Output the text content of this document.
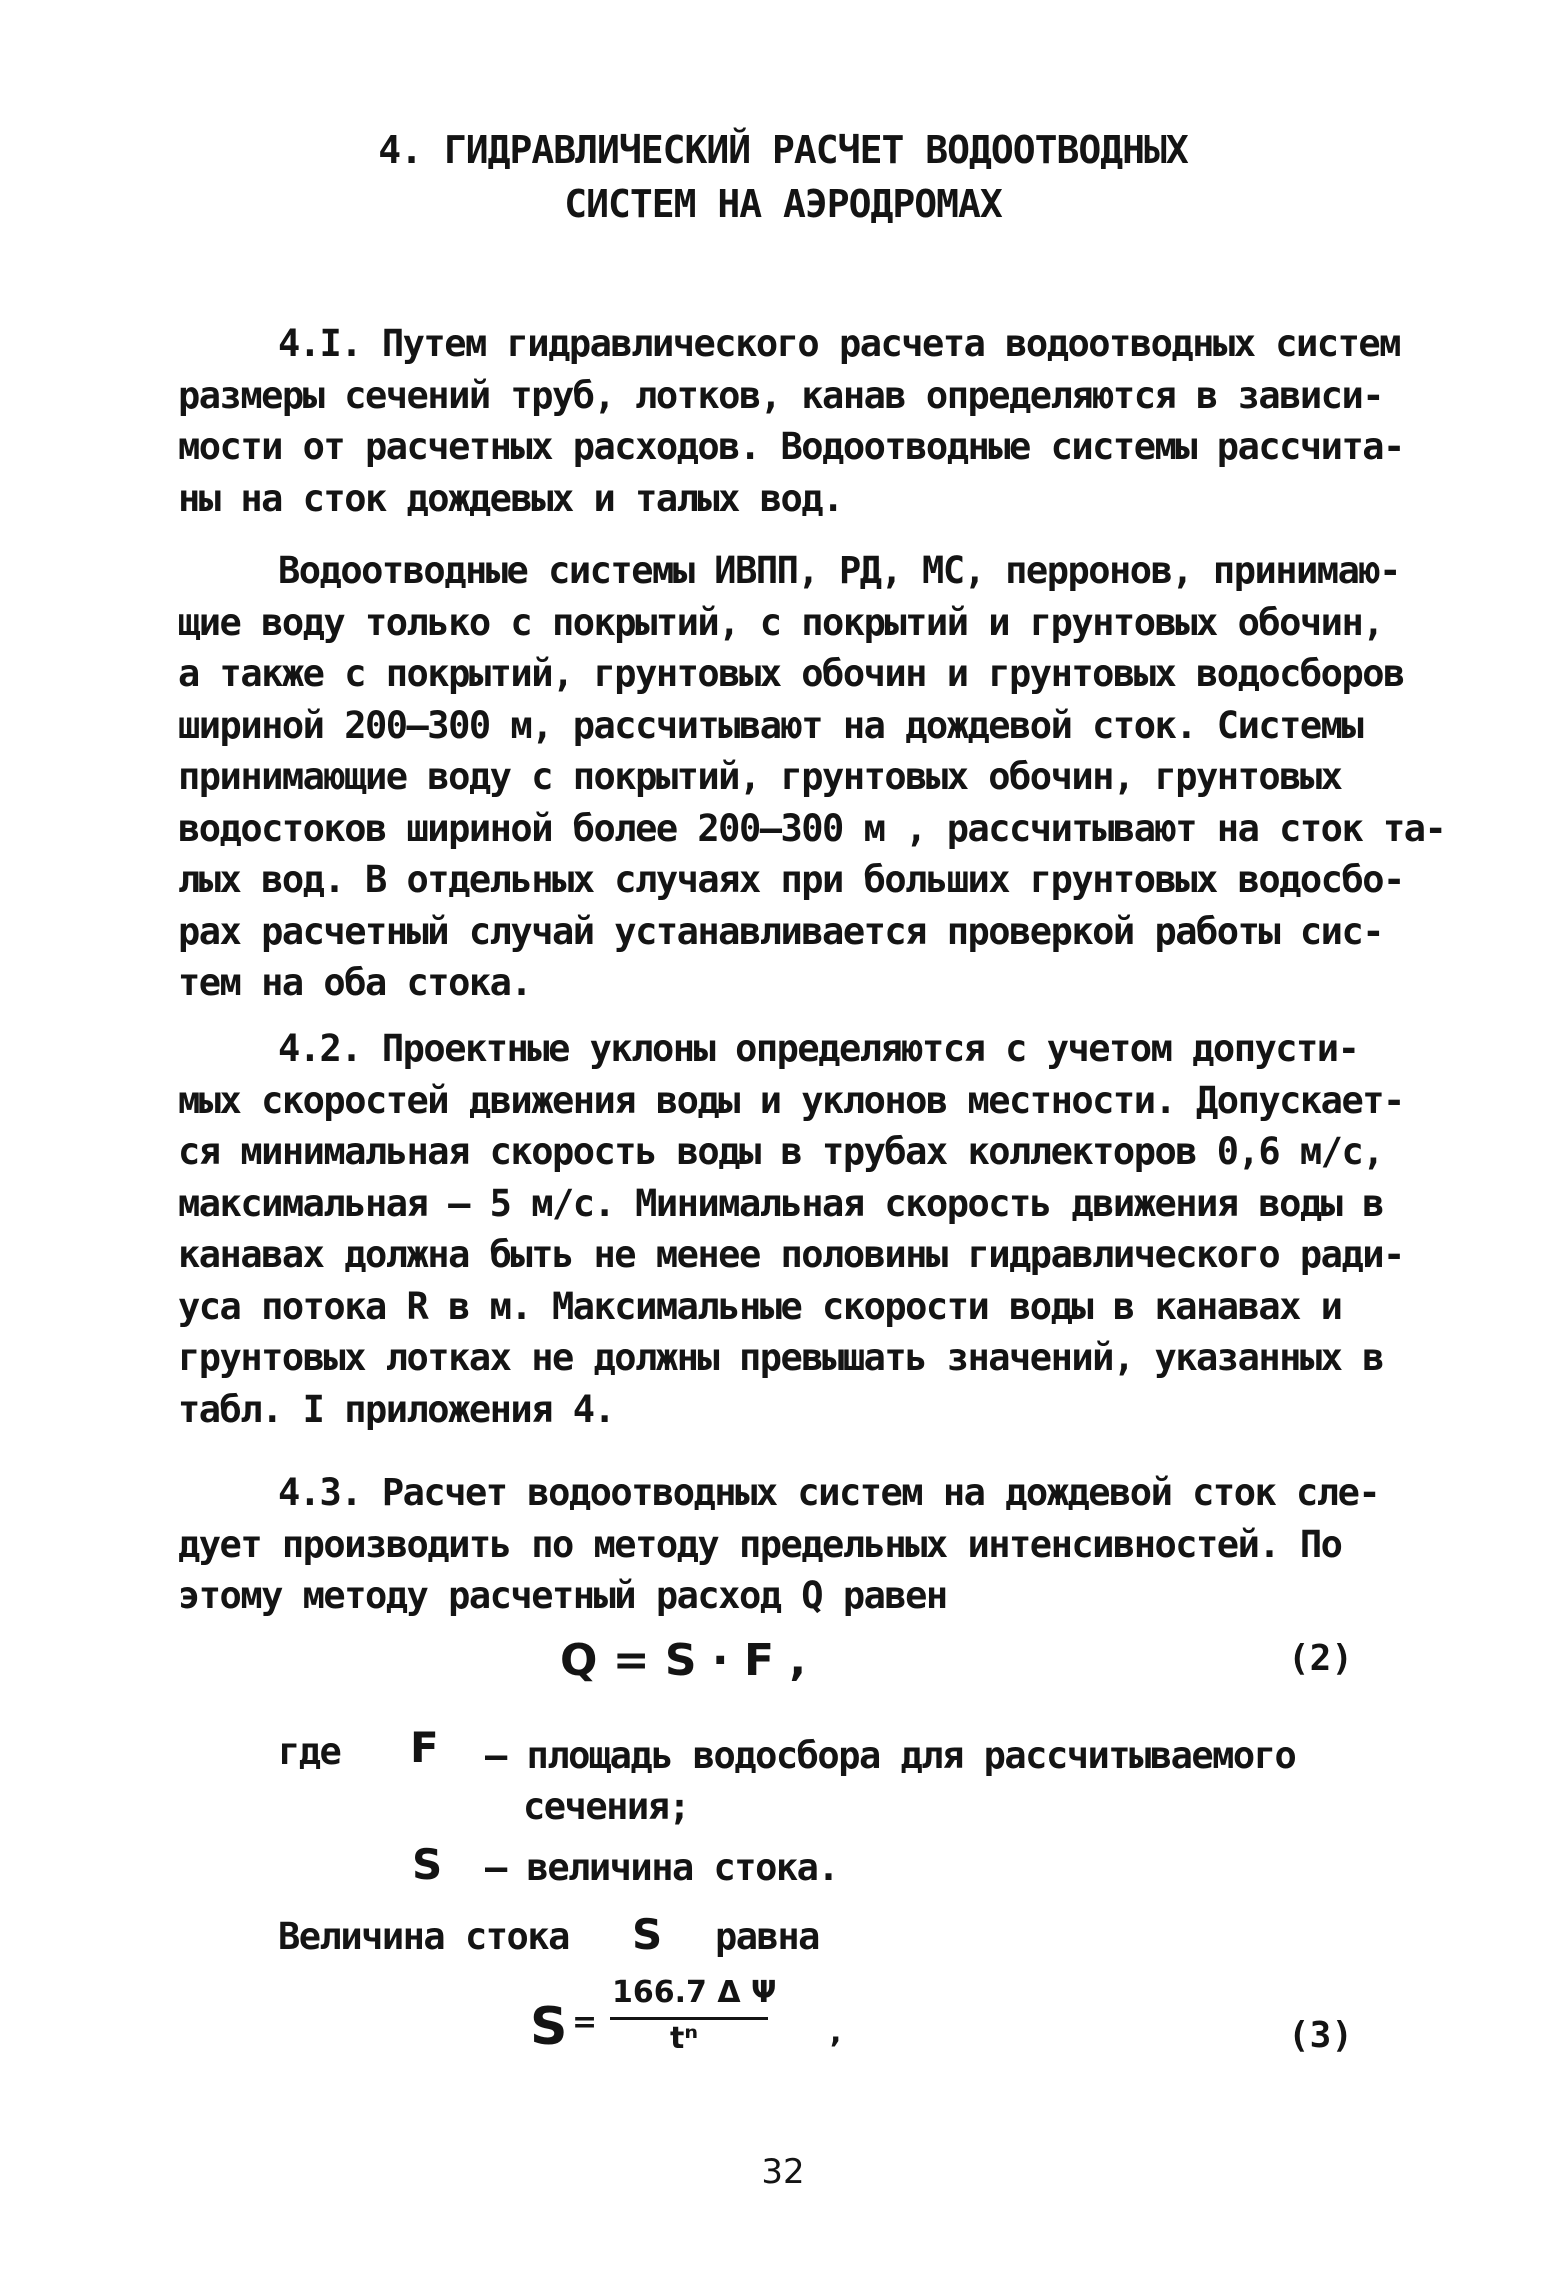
4. ГИДРАВЛИЧЕСКИЙ РАСЧЕТ ВОДООТВОДНЫХ
СИСТЕМ НА АЭРОДРОМАХ
4.I. Путем гидравлического расчета водоотводных систем
размеры сечений труб, лотков, канав определяются в зависи-
мости от расчетных расходов. Водоотводные системы рассчита-
ны на сток дождевых и талых вод.
Водоотводные системы ИВПП, РД, МС, перронов, принимаю-
щие воду только с покрытий, с покрытий и грунтовых обочин,
а также с покрытий, грунтовых обочин и грунтовых водосборов
шириной 200–300 м, рассчитывают на дождевой сток. Системы
принимающие воду с покрытий, грунтовых обочин, грунтовых
водостоков шириной более 200–300 м , рассчитывают на сток та-
лых вод. В отдельных случаях при больших грунтовых водосбо-
рах расчетный случай устанавливается проверкой работы сис-
тем на оба стока.
4.2. Проектные уклоны определяются с учетом допусти-
мых скоростей движения воды и уклонов местности. Допускает-
ся минимальная скорость воды в трубах коллекторов 0,6 м/с,
максимальная – 5 м/с. Минимальная скорость движения воды в
канавах должна быть не менее половины гидравлического ради-
уса потока R в м. Максимальные скорости воды в канавах и
грунтовых лотках не должны превышать значений, указанных в
табл. I приложения 4.
4.3. Расчет водоотводных систем на дождевой сток сле-
дует производить по методу предельных интенсивностей. По
этому методу расчетный расход Q равен
Q = S · F ,	(2)
где F – площадь водосбора для рассчитываемого
сечения;
S – величина стока.
Величина стока S равна
S =
166.7 Δ Ψ
tⁿ	,	(3)
32
